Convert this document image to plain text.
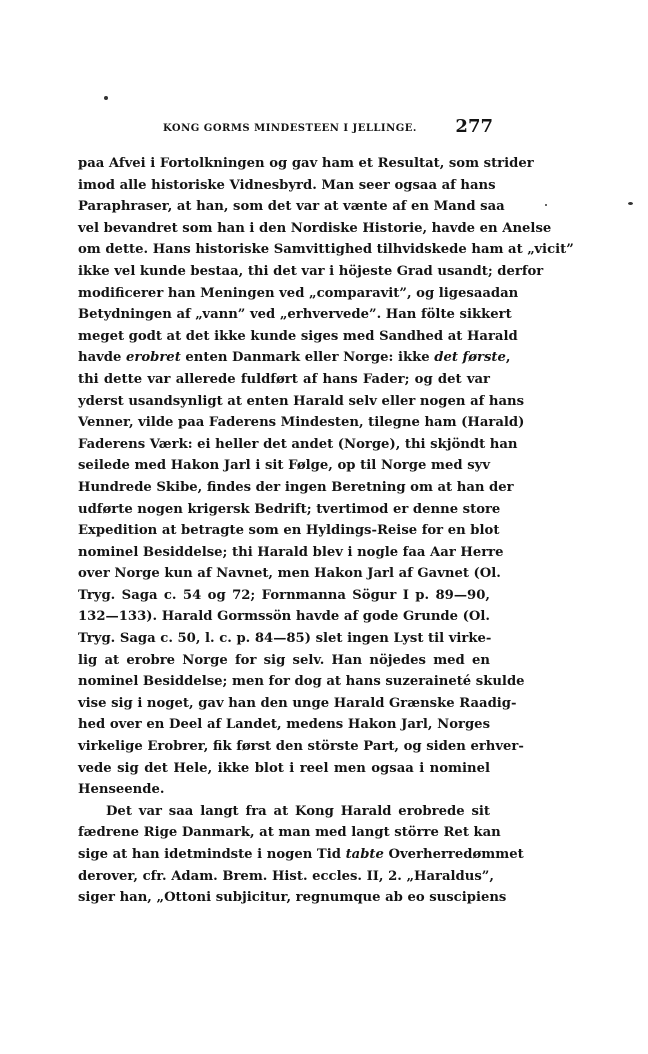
KONG GORMS MINDESTEEN I JELLINGE. 277
paa Afvei i Fortolkningen og gav ham et Resultat, som strider
imod alle historiske Vidnesbyrd. Man seer ogsaa af hans
Paraphraser, at han, som det var at vænte af en Mand saa
vel bevandret som han i den Nordiske Historie, havde en Anelse
om dette. Hans historiske Samvittighed tilhvidskede ham at „vicit”
ikke vel kunde bestaa, thi det var i höjeste Grad usandt; derfor
modificerer han Meningen ved „comparavit”, og ligesaadan
Betydningen af „vann” ved „erhvervede”. Han fölte sikkert
meget godt at det ikke kunde siges med Sandhed at Harald
havde erobret enten Danmark eller Norge: ikke det første,
thi dette var allerede fuldført af hans Fader; og det var
yderst usandsynligt at enten Harald selv eller nogen af hans
Venner, vilde paa Faderens Mindesten, tilegne ham (Harald)
Faderens Værk: ei heller det andet (Norge), thi skjöndt han
seilede med Hakon Jarl i sit Følge, op til Norge med syv
Hundrede Skibe, findes der ingen Beretning om at han der
udførte nogen krigersk Bedrift; tvertimod er denne store
Expedition at betragte som en Hyldings-Reise for en blot
nominel Besiddelse; thi Harald blev i nogle faa Aar Herre
over Norge kun af Navnet, men Hakon Jarl af Gavnet (Ol.
Tryg. Saga c. 54 og 72; Fornmanna Sögur I p. 89—90,
132—133). Harald Gormssön havde af gode Grunde (Ol.
Tryg. Saga c. 50, l. c. p. 84—85) slet ingen Lyst til virke-
lig at erobre Norge for sig selv. Han nöjedes med en
nominel Besiddelse; men for dog at hans suzeraineté skulde
vise sig i noget, gav han den unge Harald Grænske Raadig-
hed over en Deel af Landet, medens Hakon Jarl, Norges
virkelige Erobrer, fik først den störste Part, og siden erhver-
vede sig det Hele, ikke blot i reel men ogsaa i nominel
Henseende.
Det var saa langt fra at Kong Harald erobrede sit
fædrene Rige Danmark, at man med langt större Ret kan
sige at han idetmindste i nogen Tid tabte Overherredømmet
derover, cfr. Adam. Brem. Hist. eccles. II, 2. „Haraldus”,
siger han, „Ottoni subjicitur, regnumque ab eo suscipiens
